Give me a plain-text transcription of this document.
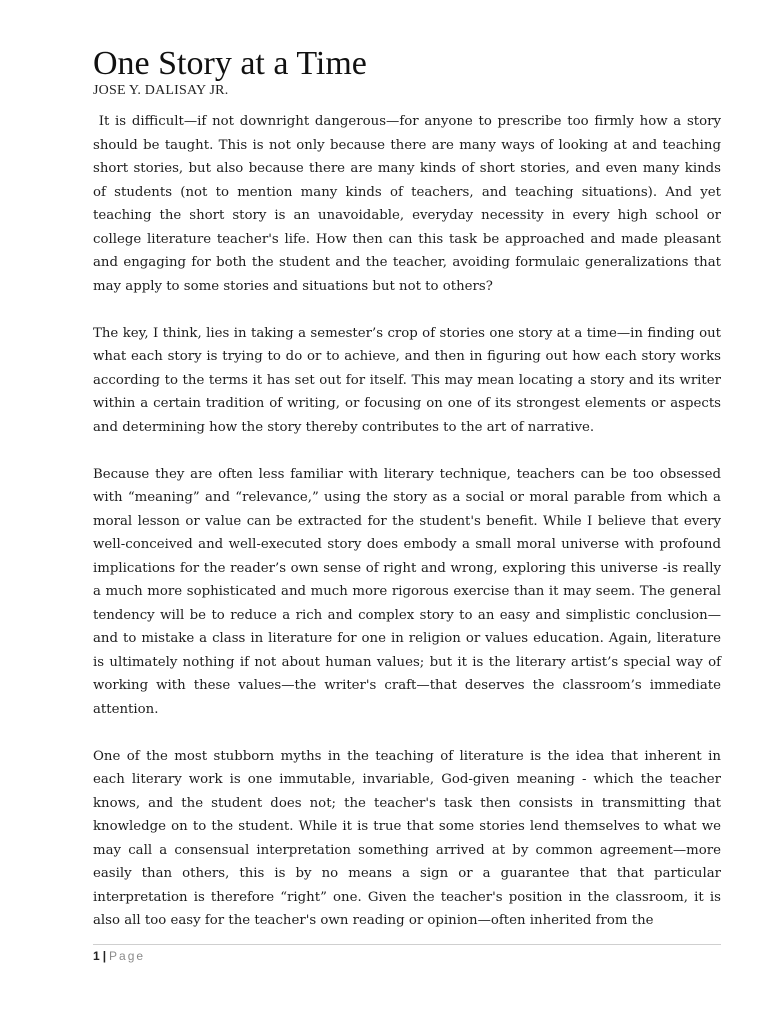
One Story at a Time
JOSE Y. DALISAY JR.

It is difficult—if not downright dangerous—for anyone to prescribe too firmly how a story should be taught. This is not only because there are many ways of looking at and teaching short stories, but also because there are many kinds of short stories, and even many kinds of students (not to mention many kinds of teachers, and teaching situations). And yet teaching the short story is an unavoidable, everyday necessity in every high school or college literature teacher's life. How then can this task be approached and made pleasant and engaging for both the student and the teacher, avoiding formulaic generalizations that may apply to some stories and situations but not to others?

The key, I think, lies in taking a semester’s crop of stories one story at a time—in finding out what each story is trying to do or to achieve, and then in figuring out how each story works according to the terms it has set out for itself. This may mean locating a story and its writer within a certain tradition of writing, or focusing on one of its strongest elements or aspects and determining how the story thereby contributes to the art of narrative.

Because they are often less familiar with literary technique, teachers can be too obsessed with “meaning” and “relevance,” using the story as a social or moral parable from which a moral lesson or value can be extracted for the student's benefit. While I believe that every well-conceived and well-executed story does embody a small moral universe with profound implications for the reader’s own sense of right and wrong, exploring this universe -is really a much more sophisticated and much more rigorous exercise than it may seem. The general tendency will be to reduce a rich and complex story to an easy and simplistic conclusion—and to mistake a class in literature for one in religion or values education. Again, literature is ultimately nothing if not about human values; but it is the literary artist’s special way of working with these values—the writer's craft—that deserves the classroom’s immediate attention.

One of the most stubborn myths in the teaching of literature is the idea that inherent in each literary work is one immutable, invariable, God-given meaning - which the teacher knows, and the student does not; the teacher's task then consists in transmitting that knowledge on to the student. While it is true that some stories lend themselves to what we may call a consensual interpretation something arrived at by common agreement—more easily than others, this is by no means a sign or a guarantee that that particular interpretation is therefore “right” one. Given the teacher's position in the classroom, it is also all too easy for the teacher's own reading or opinion—often inherited from the

1 | Page
